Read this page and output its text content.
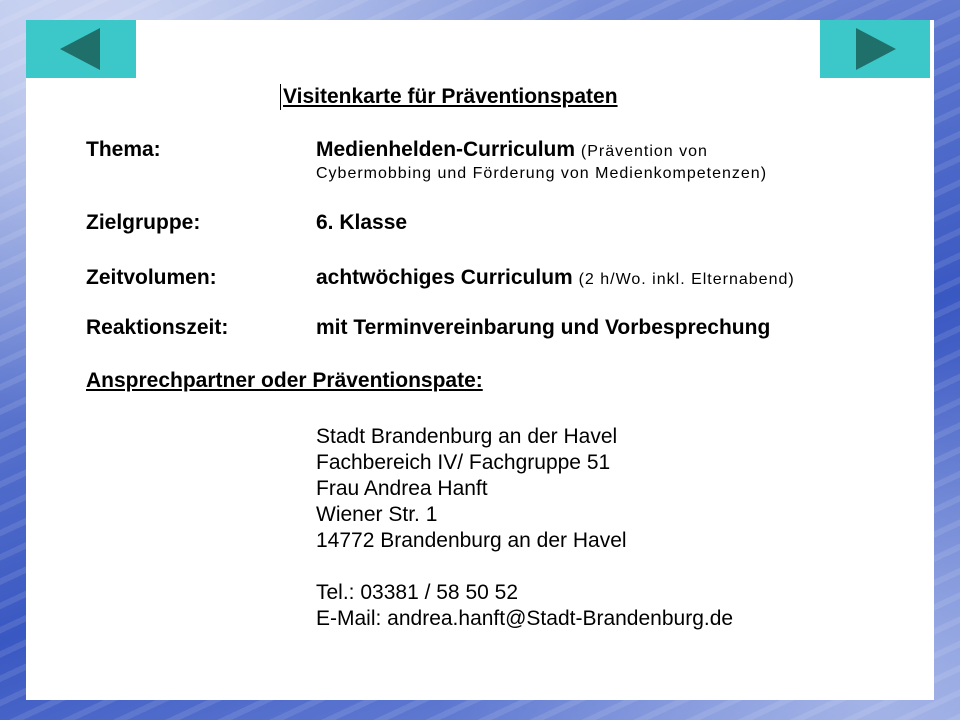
Visitenkarte für Präventionspaten
Thema:	Medienhelden-Curriculum (Prävention von
Cybermobbing und Förderung von Medienkompetenzen)
Zielgruppe:	6. Klasse
Zeitvolumen:	achtwöchiges Curriculum (2 h/Wo. inkl. Elternabend)
Reaktionszeit:	mit Terminvereinbarung und Vorbesprechung
Ansprechpartner oder Präventionspate:
Stadt Brandenburg an der Havel
Fachbereich IV/ Fachgruppe 51
Frau Andrea Hanft
Wiener Str. 1
14772 Brandenburg an der Havel
Tel.: 03381 / 58 50 52
E-Mail: andrea.hanft@Stadt-Brandenburg.de
